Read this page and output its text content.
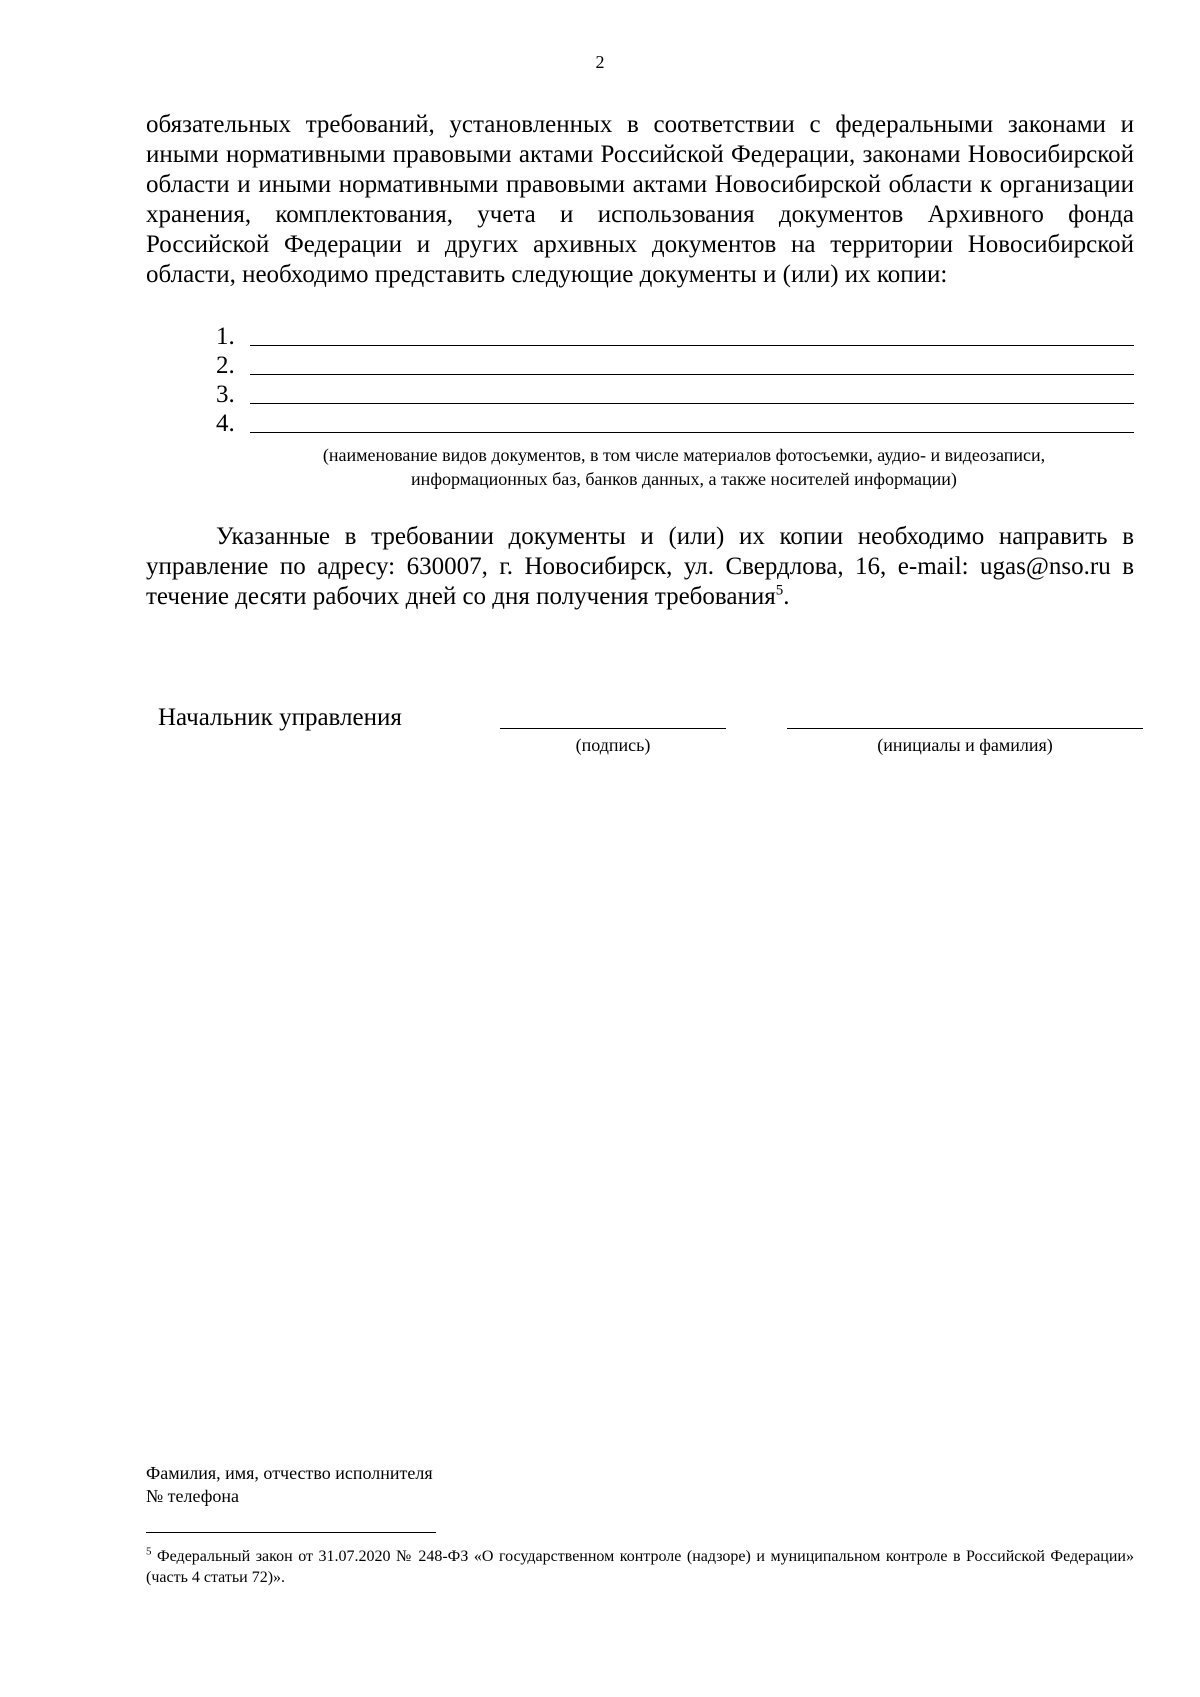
2
обязательных требований, установленных в соответствии с федеральными законами и иными нормативными правовыми актами Российской Федерации, законами Новосибирской области и иными нормативными правовыми актами Новосибирской области к организации хранения, комплектования, учета и использования документов Архивного фонда Российской Федерации и других архивных документов на территории Новосибирской области, необходимо представить следующие документы и (или) их копии:
1.
2.
3.
4.
(наименование видов документов, в том числе материалов фотосъемки, аудио- и видеозаписи,
информационных баз, банков данных, а также носителей информации)
Указанные в требовании документы и (или) их копии необходимо направить в управление по адресу: 630007, г. Новосибирск, ул. Свердлова, 16, e-mail: ugas@nso.ru в течение десяти рабочих дней со дня получения требования$^5$.
Начальник управления
(подпись)	(инициалы и фамилия)
Фамилия, имя, отчество исполнителя
№ телефона
$^5$ Федеральный закон от 31.07.2020 № 248-ФЗ «О государственном контроле (надзоре) и муниципальном контроле в Российской Федерации» (часть 4 статьи 72)».
